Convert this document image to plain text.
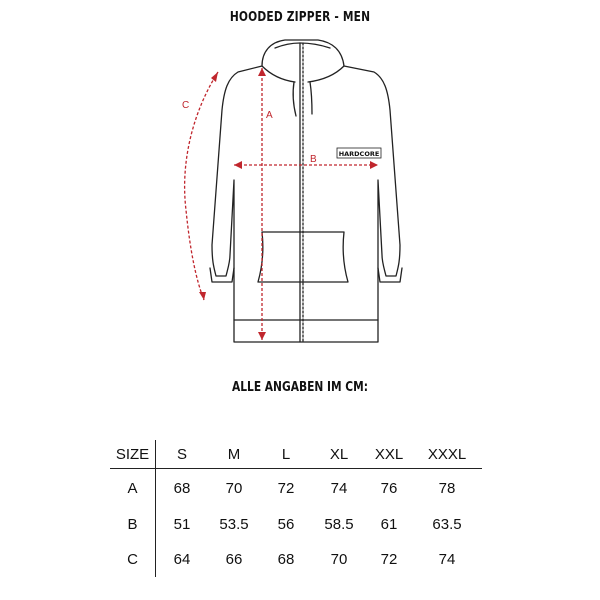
HOODED ZIPPER - MEN
C
A
B	HARDCORE
ALLE ANGABEN IM CM:
SIZE	S	M	L	XL	XXL	XXXL
A	68	70	72	74	76	78
B	51	53.5	56	58.5	61	63.5
C	64	66	68	70	72	74
